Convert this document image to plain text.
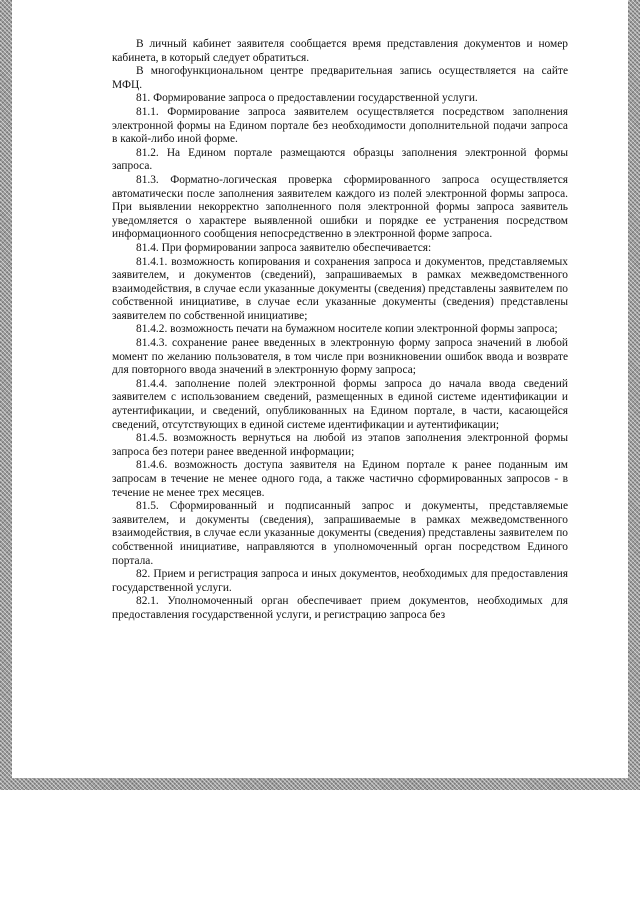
В личный кабинет заявителя сообщается время представления документов и номер кабинета, в который следует обратиться.

В многофункциональном центре предварительная запись осуществляется на сайте МФЦ.

81. Формирование запроса о предоставлении государственной услуги.

81.1. Формирование запроса заявителем осуществляется посредством заполнения электронной формы на Едином портале без необходимости дополнительной подачи запроса в какой-либо иной форме.

81.2. На Едином портале размещаются образцы заполнения электронной формы запроса.

81.3. Форматно-логическая проверка сформированного запроса осуществляется автоматически после заполнения заявителем каждого из полей электронной формы запроса. При выявлении некорректно заполненного поля электронной формы запроса заявитель уведомляется о характере выявленной ошибки и порядке ее устранения посредством информационного сообщения непосредственно в электронной форме запроса.

81.4. При формировании запроса заявителю обеспечивается:

81.4.1. возможность копирования и сохранения запроса и документов, представляемых заявителем, и документов (сведений), запрашиваемых в рамках межведомственного взаимодействия, в случае если указанные документы (сведения) представлены заявителем по собственной инициативе, в случае если указанные документы (сведения) представлены заявителем по собственной инициативе;

81.4.2. возможность печати на бумажном носителе копии электронной формы запроса;

81.4.3. сохранение ранее введенных в электронную форму запроса значений в любой момент по желанию пользователя, в том числе при возникновении ошибок ввода и возврате для повторного ввода значений в электронную форму запроса;

81.4.4. заполнение полей электронной формы запроса до начала ввода сведений заявителем с использованием сведений, размещенных в единой системе идентификации и аутентификации, и сведений, опубликованных на Едином портале, в части, касающейся сведений, отсутствующих в единой системе идентификации и аутентификации;

81.4.5. возможность вернуться на любой из этапов заполнения электронной формы запроса без потери ранее введенной информации;

81.4.6. возможность доступа заявителя на Едином портале к ранее поданным им запросам в течение не менее одного года, а также частично сформированных запросов - в течение не менее трех месяцев.

81.5. Сформированный и подписанный запрос и документы, представляемые заявителем, и документы (сведения), запрашиваемые в рамках межведомственного взаимодействия, в случае если указанные документы (сведения) представлены заявителем по собственной инициативе, направляются в уполномоченный орган посредством Единого портала.

82. Прием и регистрация запроса и иных документов, необходимых для предоставления государственной услуги.

82.1. Уполномоченный орган обеспечивает прием документов, необходимых для предоставления государственной услуги, и регистрацию запроса без
